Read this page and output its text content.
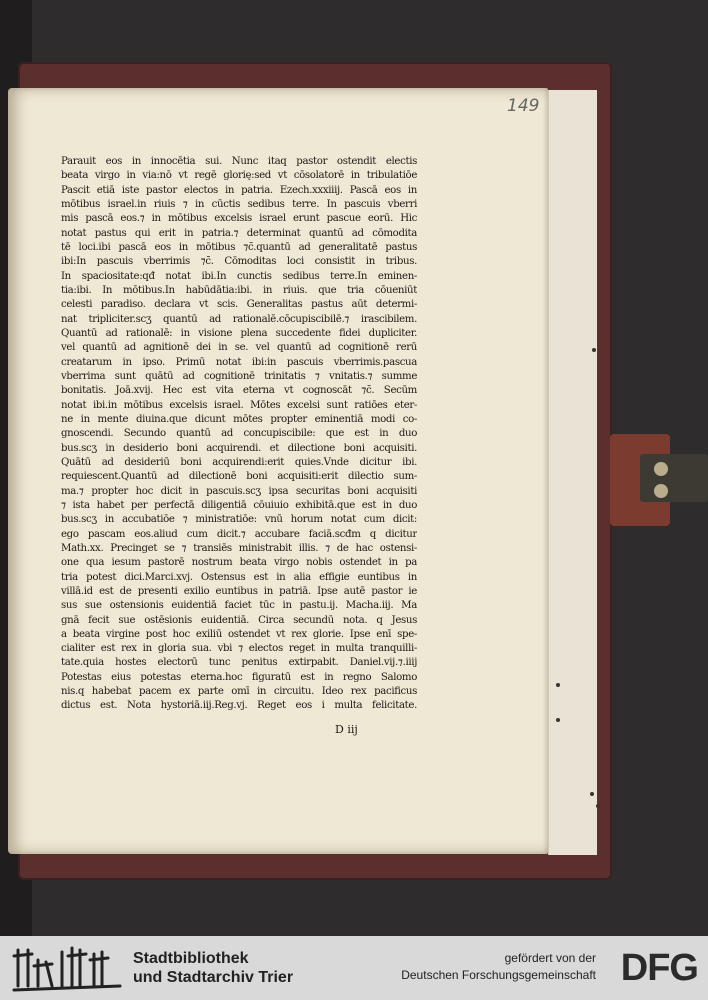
149
Parauit eos in innocētia sui. Nunc itaq pastor ostendit electis
beata virgo in via:nō vt regē glorię:sed vt cōsolatorē in tribulatiōe
Pascit etiā iste pastor electos in patria. Ezech.xxxiiij. Pascā eos in
mōtibus israel.in riuis ⁊ in cūctis sedibus terre. In pascuis vberri
mis pascā eos.⁊ in mōtibus excelsis israel erunt pascue eorū. Hic
notat pastus qui erit in patria.⁊ determinat quantū ad cōmodita
tē loci.ibi pascā eos in mōtibus ⁊c̄.quantū ad generalitatē pastus
ibi:In pascuis vberrimis ⁊c̄. Cōmoditas loci consistit in tribus.
In spaciositate:qđ notat ibi.In cunctis sedibus terre.In eminen-
tia:ibi. In mōtibus.In habūdātia:ibi. in riuis. que tria cōueniūt
celesti paradiso. declara vt scis. Generalitas pastus aūt determi-
nat tripliciter.scʒ quantū ad rationalē.cōcupiscibilē.⁊ irascibilem.
Quantū ad rationalē: in visione plena succedente fidei dupliciter.
vel quantū ad agnitionē dei in se. vel quantū ad cognitionē rerū
creatarum in ipso. Primū notat ibi:in pascuis vberrimis.pascua
vberrima sunt quātū ad cognitionē trinitatis ⁊ vnitatis.⁊ summe
bonitatis. Joā.xvij. Hec est vita eterna vt cognoscāt ⁊c̄. Secūm
notat ibi.in mōtibus excelsis israel. Mōtes excelsi sunt ratiōes eter-
ne in mente diuina.que dicunt mōtes propter eminentiā modi co-
gnoscendi. Secundo quantū ad concupiscibile: que est in duo
bus.scʒ in desiderio boni acquirendi. et dilectione boni acquisiti.
Quātū ad desideriū boni acquirendi:erit quies.Vnde dicitur ibi.
requiescent.Quantū ad dilectionē boni acquisiti:erit dilectio sum-
ma.⁊ propter hoc dicit in pascuis.scʒ ipsa securitas boni acquisiti
⁊ ista habet per perfectā diligentiā cōuiuio exhibitā.que est in duo
bus.scʒ in accubatiōe ⁊ ministratiōe: vnū horum notat cum dicit:
ego pascam eos.aliud cum dicit.⁊ accubare faciā.scđm q dicitur
Math.xx. Precinget se ⁊ transiēs ministrabit illis. ⁊ de hac ostensi-
one qua iesum pastorē nostrum beata virgo nobis ostendet in pa
tria potest dici.Marci.xvj. Ostensus est in alia effigie euntibus in
villā.id est de presenti exilio euntibus in patriā. Ipse autē pastor ie
sus sue ostensionis euidentiā faciet tūc in pastu.ij. Macha.iij. Ma
gnā fecit sue ostēsionis euidentiā. Circa secundū nota. q Jesus
a beata virgine post hoc exiliū ostendet vt rex glorie. Ipse enī spe-
cialiter est rex in gloria sua. vbi ⁊ electos reget in multa tranquilli-
tate.quia hostes electorū tunc penitus extirpabit. Daniel.vij.⁊.iiij
Potestas eius potestas eterna.hoc figuratū est in regno Salomo
nis.q habebat pacem ex parte omī in circuitu. Ideo rex pacificus
dictus est. Nota hystoriā.iij.Reg.vj. Reget eos i multa felicitate.
D iij
Stadtbibliothek
und Stadtarchiv Trier
gefördert von der
Deutschen Forschungsgemeinschaft DFG
